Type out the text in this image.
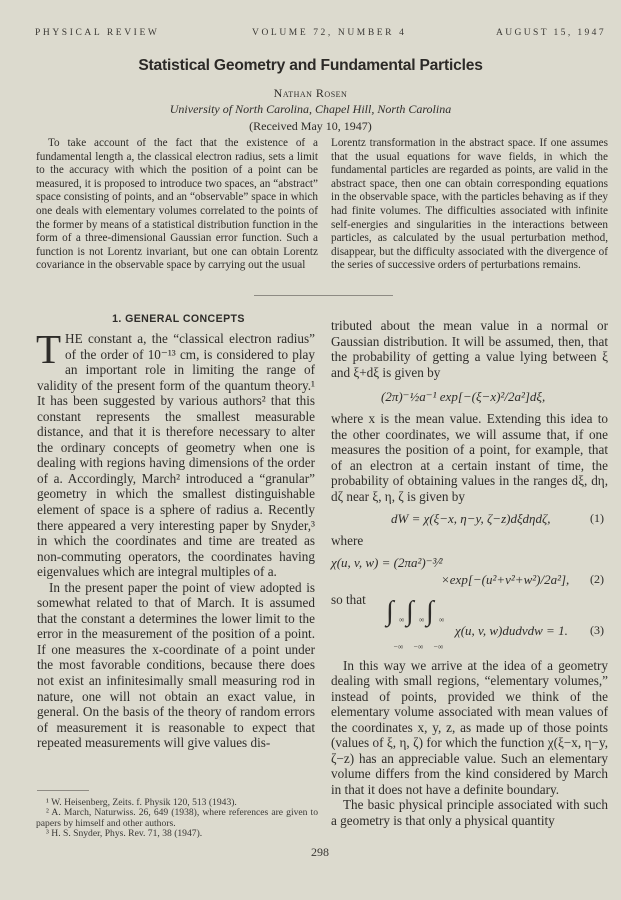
PHYSICAL REVIEW	VOLUME 72, NUMBER 4	AUGUST 15, 1947
Statistical Geometry and Fundamental Particles
Nathan Rosen
University of North Carolina, Chapel Hill, North Carolina
(Received May 10, 1947)
To take account of the fact that the existence of a fundamental length a, the classical electron radius, sets a limit to the accuracy with which the position of a point can be measured, it is proposed to introduce two spaces, an “abstract” space consisting of points, and an “observable” space in which one deals with elementary volumes correlated to the points of the former by means of a statistical distribution function in the form of a three-dimensional Gaussian error function. Such a function is not Lorentz invariant, but one can obtain Lorentz covariance in the observable space by carrying out the usual
Lorentz transformation in the abstract space. If one assumes that the usual equations for wave fields, in which the fundamental particles are regarded as points, are valid in the abstract space, then one can obtain corresponding equations in the observable space, with the particles behaving as if they had finite volumes. The difficulties associated with infinite self-energies and singularities in the interactions between particles, as calculated by the usual perturbation method, disappear, but the difficulty associated with the divergence of the series of successive orders of perturbations remains.
1. GENERAL CONCEPTS

THE constant a, the “classical electron radius” of the order of 10⁻¹³ cm, is considered to play an important role in limiting the range of validity of the present form of the quantum theory.¹ It has been suggested by various authors² that this constant represents the smallest measurable distance, and that it is therefore necessary to alter the ordinary concepts of geometry when one is dealing with regions having dimensions of the order of a. Accordingly, March² introduced a “granular” geometry in which the smallest distinguishable element of space is a sphere of radius a. Recently there appeared a very interesting paper by Snyder,³ in which the coordinates and time are treated as non-commuting operators, the coordinates having eigenvalues which are integral multiples of a.

In the present paper the point of view adopted is somewhat related to that of March. It is assumed that the constant a determines the lower limit to the error in the measurement of the position of a point. If one measures the x-coordinate of a point under the most favorable conditions, because there does not exist an infinitesimally small measuring rod in nature, one will not obtain an exact value, in general. On the basis of the theory of random errors of measurement it is reasonable to expect that repeated measurements will give values dis-

tributed about the mean value in a normal or Gaussian distribution. It will be assumed, then, that the probability of getting a value lying between ξ and ξ+dξ is given by

(2π)⁻½a⁻¹ exp[−(ξ−x)²/2a²]dξ,

where x is the mean value. Extending this idea to the other coordinates, we will assume that, if one measures the position of a point, for example, that of an electron at a certain instant of time, the probability of obtaining values in the ranges dξ, dη, dζ near ξ, η, ζ is given by

dW = χ(ξ−x, η−y, ζ−z)dξdηdζ,	(1)

where

χ(u, v, w) = (2πa²)⁻³⁄²
×exp[−(u²+v²+w²)/2a²], (2)

so that ∫ ∞
−∞
∫ ∞
−∞
∫ ∞
−∞
χ(u, v, w)dudvdw = 1. (3)

In this way we arrive at the idea of a geometry dealing with small regions, “elementary volumes,” instead of points, provided we think of the elementary volume associated with mean values of the coordinates x, y, z, as made up of those points (values of ξ, η, ζ) for which the function χ(ξ−x, η−y, ζ−z) has an appreciable value. Such an elementary volume differs from the kind considered by March in that it does not have a definite boundary.

The basic physical principle associated with such a geometry is that only a physical quantity

¹ W. Heisenberg, Zeits. f. Physik 120, 513 (1943).
² A. March, Naturwiss. 26, 649 (1938), where references are given to papers by himself and other authors.
³ H. S. Snyder, Phys. Rev. 71, 38 (1947).
298
